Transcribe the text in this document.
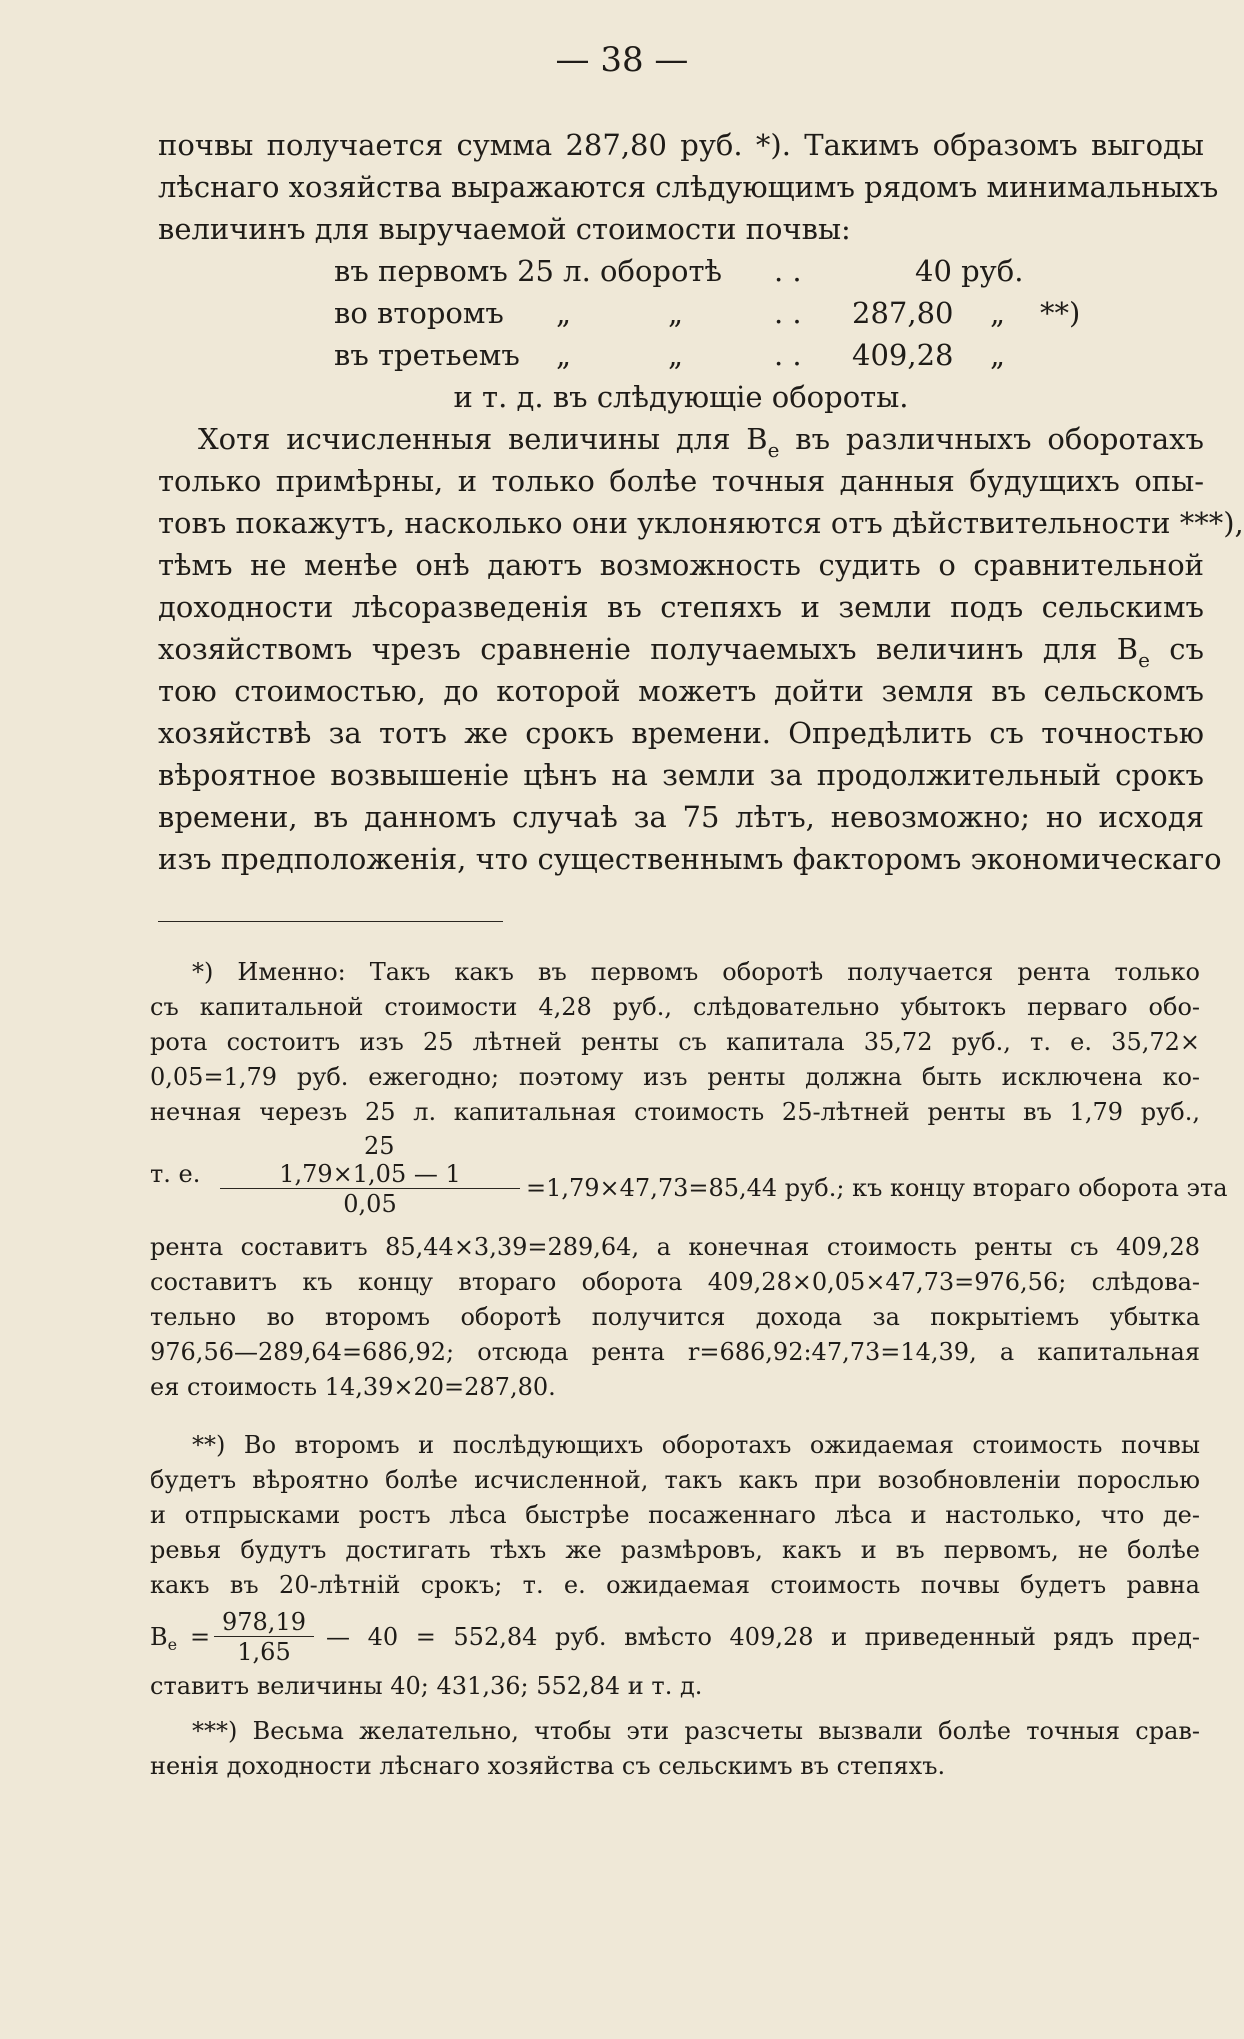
— 38 —
почвы получается сумма 287,80 руб. *). Такимъ образомъ выгоды
лѣснаго хозяйства выражаются слѣдующимъ рядомъ минимальныхъ
величинъ для выручаемой стоимости почвы:
въ первомъ 25 л. оборотѣ . .	40 руб.
во второмъ „	„	. . 287,80 „ **)
въ третьемъ „	„	. . 409,28 „
и т. д. въ слѣдующіе обороты.
Хотя исчисленныя величины для $B_e$ въ различныхъ оборотахъ
только примѣрны, и только болѣе точныя данныя будущихъ опы-
товъ покажутъ, насколько они уклоняются отъ дѣйствительности ***),
тѣмъ не менѣе онѣ даютъ возможность судить о сравнительной
доходности лѣсоразведенія въ степяхъ и земли подъ сельскимъ
хозяйствомъ чрезъ сравненіе получаемыхъ величинъ для $B_e$ съ
тою стоимостью, до которой можетъ дойти земля въ сельскомъ
хозяйствѣ за тотъ же срокъ времени. Опредѣлить съ точностью
вѣроятное возвышеніе цѣнъ на земли за продолжительный срокъ
времени, въ данномъ случаѣ за 75 лѣтъ, невозможно; но исходя
изъ предположенія, что существеннымъ факторомъ экономическаго
*) Именно: Такъ какъ въ первомъ оборотѣ получается рента только
съ капитальной стоимости 4,28 руб., слѣдовательно убытокъ перваго обо-
рота состоитъ изъ 25 лѣтней ренты съ капитала 35,72 руб., т. е. 35,72×
0,05=1,79 руб. ежегодно; поэтому изъ ренты должна быть исключена ко-
нечная черезъ 25 л. капитальная стоимость 25-лѣтней ренты въ 1,79 руб.,
25
т. е.	1,79×1,05 — 1
0,05
=1,79×47,73=85,44 руб.; къ концу втораго оборота эта
рента составитъ 85,44×3,39=289,64, а конечная стоимость ренты съ 409,28
составитъ къ концу втораго оборота 409,28×0,05×47,73=976,56; слѣдова-
тельно во второмъ оборотѣ получится дохода за покрытіемъ убытка
976,56—289,64=686,92; отсюда рента r=686,92:47,73=14,39, а капитальная
ея стоимость 14,39×20=287,80.
**) Во второмъ и послѣдующихъ оборотахъ ожидаемая стоимость почвы
будетъ вѣроятно болѣе исчисленной, такъ какъ при возобновленіи порослью
и отпрысками ростъ лѣса быстрѣе посаженнаго лѣса и настолько, что де-
ревья будутъ достигать тѣхъ же размѣровъ, какъ и въ первомъ, не болѣе
какъ въ 20-лѣтній срокъ; т. е. ожидаемая стоимость почвы будетъ равна
$B_e$ =
978,19
1,65
— 40 = 552,84 руб. вмѣсто 409,28 и приведенный рядъ пред-
ставитъ величины 40; 431,36; 552,84 и т. д.
***) Весьма желательно, чтобы эти разсчеты вызвали болѣе точныя срав-
ненія доходности лѣснаго хозяйства съ сельскимъ въ степяхъ.
